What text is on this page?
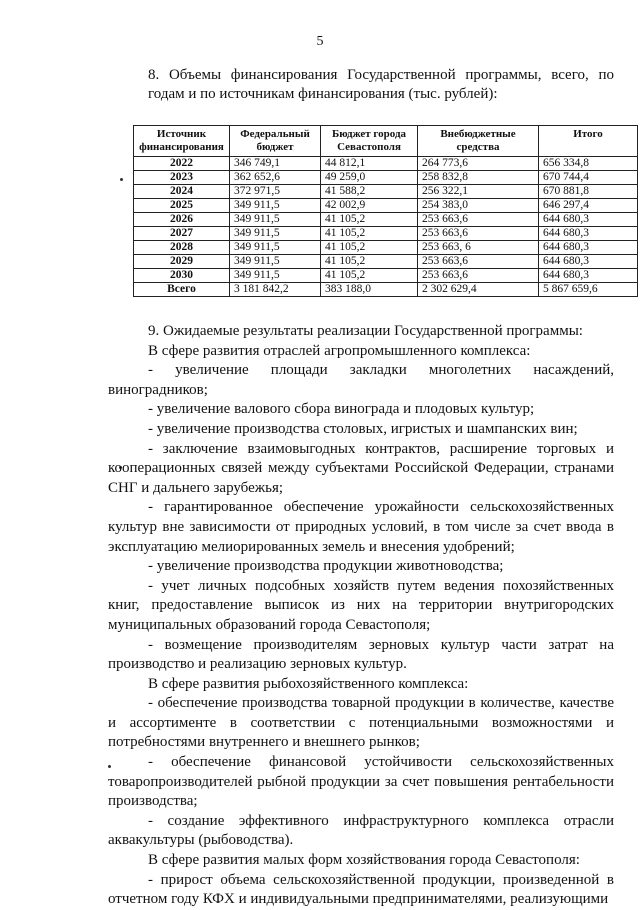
5
8. Объемы финансирования Государственной программы, всего, по годам и по источникам финансирования (тыс. рублей):
Источник финансирования	Федеральный бюджет	Бюджет города Севастополя	Внебюджетные средства	Итого
2022	346 749,1	44 812,1	264 773,6	656 334,8
2023	362 652,6	49 259,0	258 832,8	670 744,4
2024	372 971,5	41 588,2	256 322,1	670 881,8
2025	349 911,5	42 002,9	254 383,0	646 297,4
2026	349 911,5	41 105,2	253 663,6	644 680,3
2027	349 911,5	41 105,2	253 663,6	644 680,3
2028	349 911,5	41 105,2	253 663, 6	644 680,3
2029	349 911,5	41 105,2	253 663,6	644 680,3
2030	349 911,5	41 105,2	253 663,6	644 680,3
Всего	3 181 842,2	383 188,0	2 302 629,4	5 867 659,6

9. Ожидаемые результаты реализации Государственной программы:

В сфере развития отраслей агропромышленного комплекса:

- увеличение площади закладки многолетних насаждений, виноградников;

- увеличение валового сбора винограда и плодовых культур;

- увеличение производства столовых, игристых и шампанских вин;

- заключение взаимовыгодных контрактов, расширение торговых и кооперационных связей между субъектами Российской Федерации, странами СНГ и дальнего зарубежья;

- гарантированное обеспечение урожайности сельскохозяйственных культур вне зависимости от природных условий, в том числе за счет ввода в эксплуатацию мелиорированных земель и внесения удобрений;

- увеличение производства продукции животноводства;

- учет личных подсобных хозяйств путем ведения похозяйственных книг, предоставление выписок из них на территории внутригородских муниципальных образований города Севастополя;

- возмещение производителям зерновых культур части затрат на производство и реализацию зерновых культур.

В сфере развития рыбохозяйственного комплекса:

- обеспечение производства товарной продукции в количестве, качестве и ассортименте в соответствии с потенциальными возможностями и потребностями внутреннего и внешнего рынков;

- обеспечение финансовой устойчивости сельскохозяйственных товаропроизводителей рыбной продукции за счет повышения рентабельности производства;

- создание эффективного инфраструктурного комплекса отрасли аквакультуры (рыбоводства).

В сфере развития малых форм хозяйствования города Севастополя:

- прирост объема сельскохозяйственной продукции, произведенной в отчетном году КФХ и индивидуальными предпринимателями, реализующими
